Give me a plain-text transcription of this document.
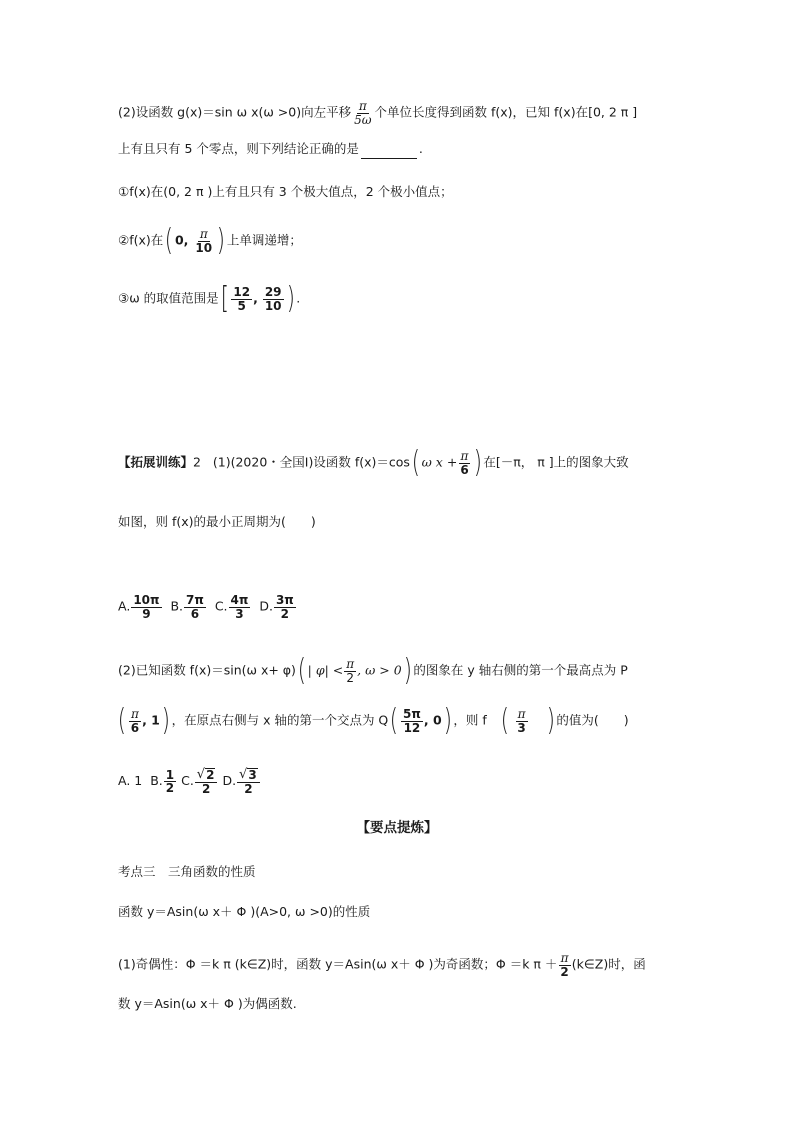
(2)设函数 g(x)＝sin ω x(ω >0)向左平移 $\frac{\pi}{5\omega}$ 个单位长度得到函数 f(x)，已知 f(x)在[0, 2 π ]
上有且只有 5 个零点，则下列结论正确的是	.
①f(x)在(0, 2 π )上有且只有 3 个极大值点，2 个极小值点；
②f(x)在( 0, $\frac{\pi}{10}$ ) 上单调递增；
③ω 的取值范围是[ $\frac{12}{5}$ , $\frac{29}{10}$ ) .
【拓展训练】2 (1)(2020・全国Ⅰ)设函数 f(x)＝cos( ω $x + \frac{\pi}{6}$ ) 在[－π， π ]上的图象大致
如图，则 f(x)的最小正周期为(　　)
A. $\frac{10\pi}{9} B$. $\frac{7\pi}{6} C$. $\frac{4\pi}{3} D$. $\frac{3\pi}{2}$
(2)已知函数 f(x)＝sin(ω x+ φ)( | $\varphi| < \frac{\pi}{2}$ , ω > 0) 的图象在 y 轴右侧的第一个最高点为 P
( $\frac{\pi}{6}$ , 1) ，在原点右侧与 x 轴的第一个交点为 $Q( \frac{5\pi}{12}$ , 0) ，则 f ( $\frac{\pi}{3}$ ) 的值为(　　)
A. 1 B. $\frac{1}{2} C$. $\frac{√ 2}{2} D$. $\frac{√ 3}{2}$
【要点提炼】
考点三　三角函数的性质
函数 y＝Asin(ω x＋ Φ )(A>0, ω >0)的性质
(1)奇偶性：Φ ＝k π (k∈Z)时，函数 y＝Asin(ω x＋ Φ )为奇函数；Φ ＝k $\pi + \frac{\pi}{2}$ (k∈Z)时，函
数 y＝Asin(ω x＋ Φ )为偶函数.
